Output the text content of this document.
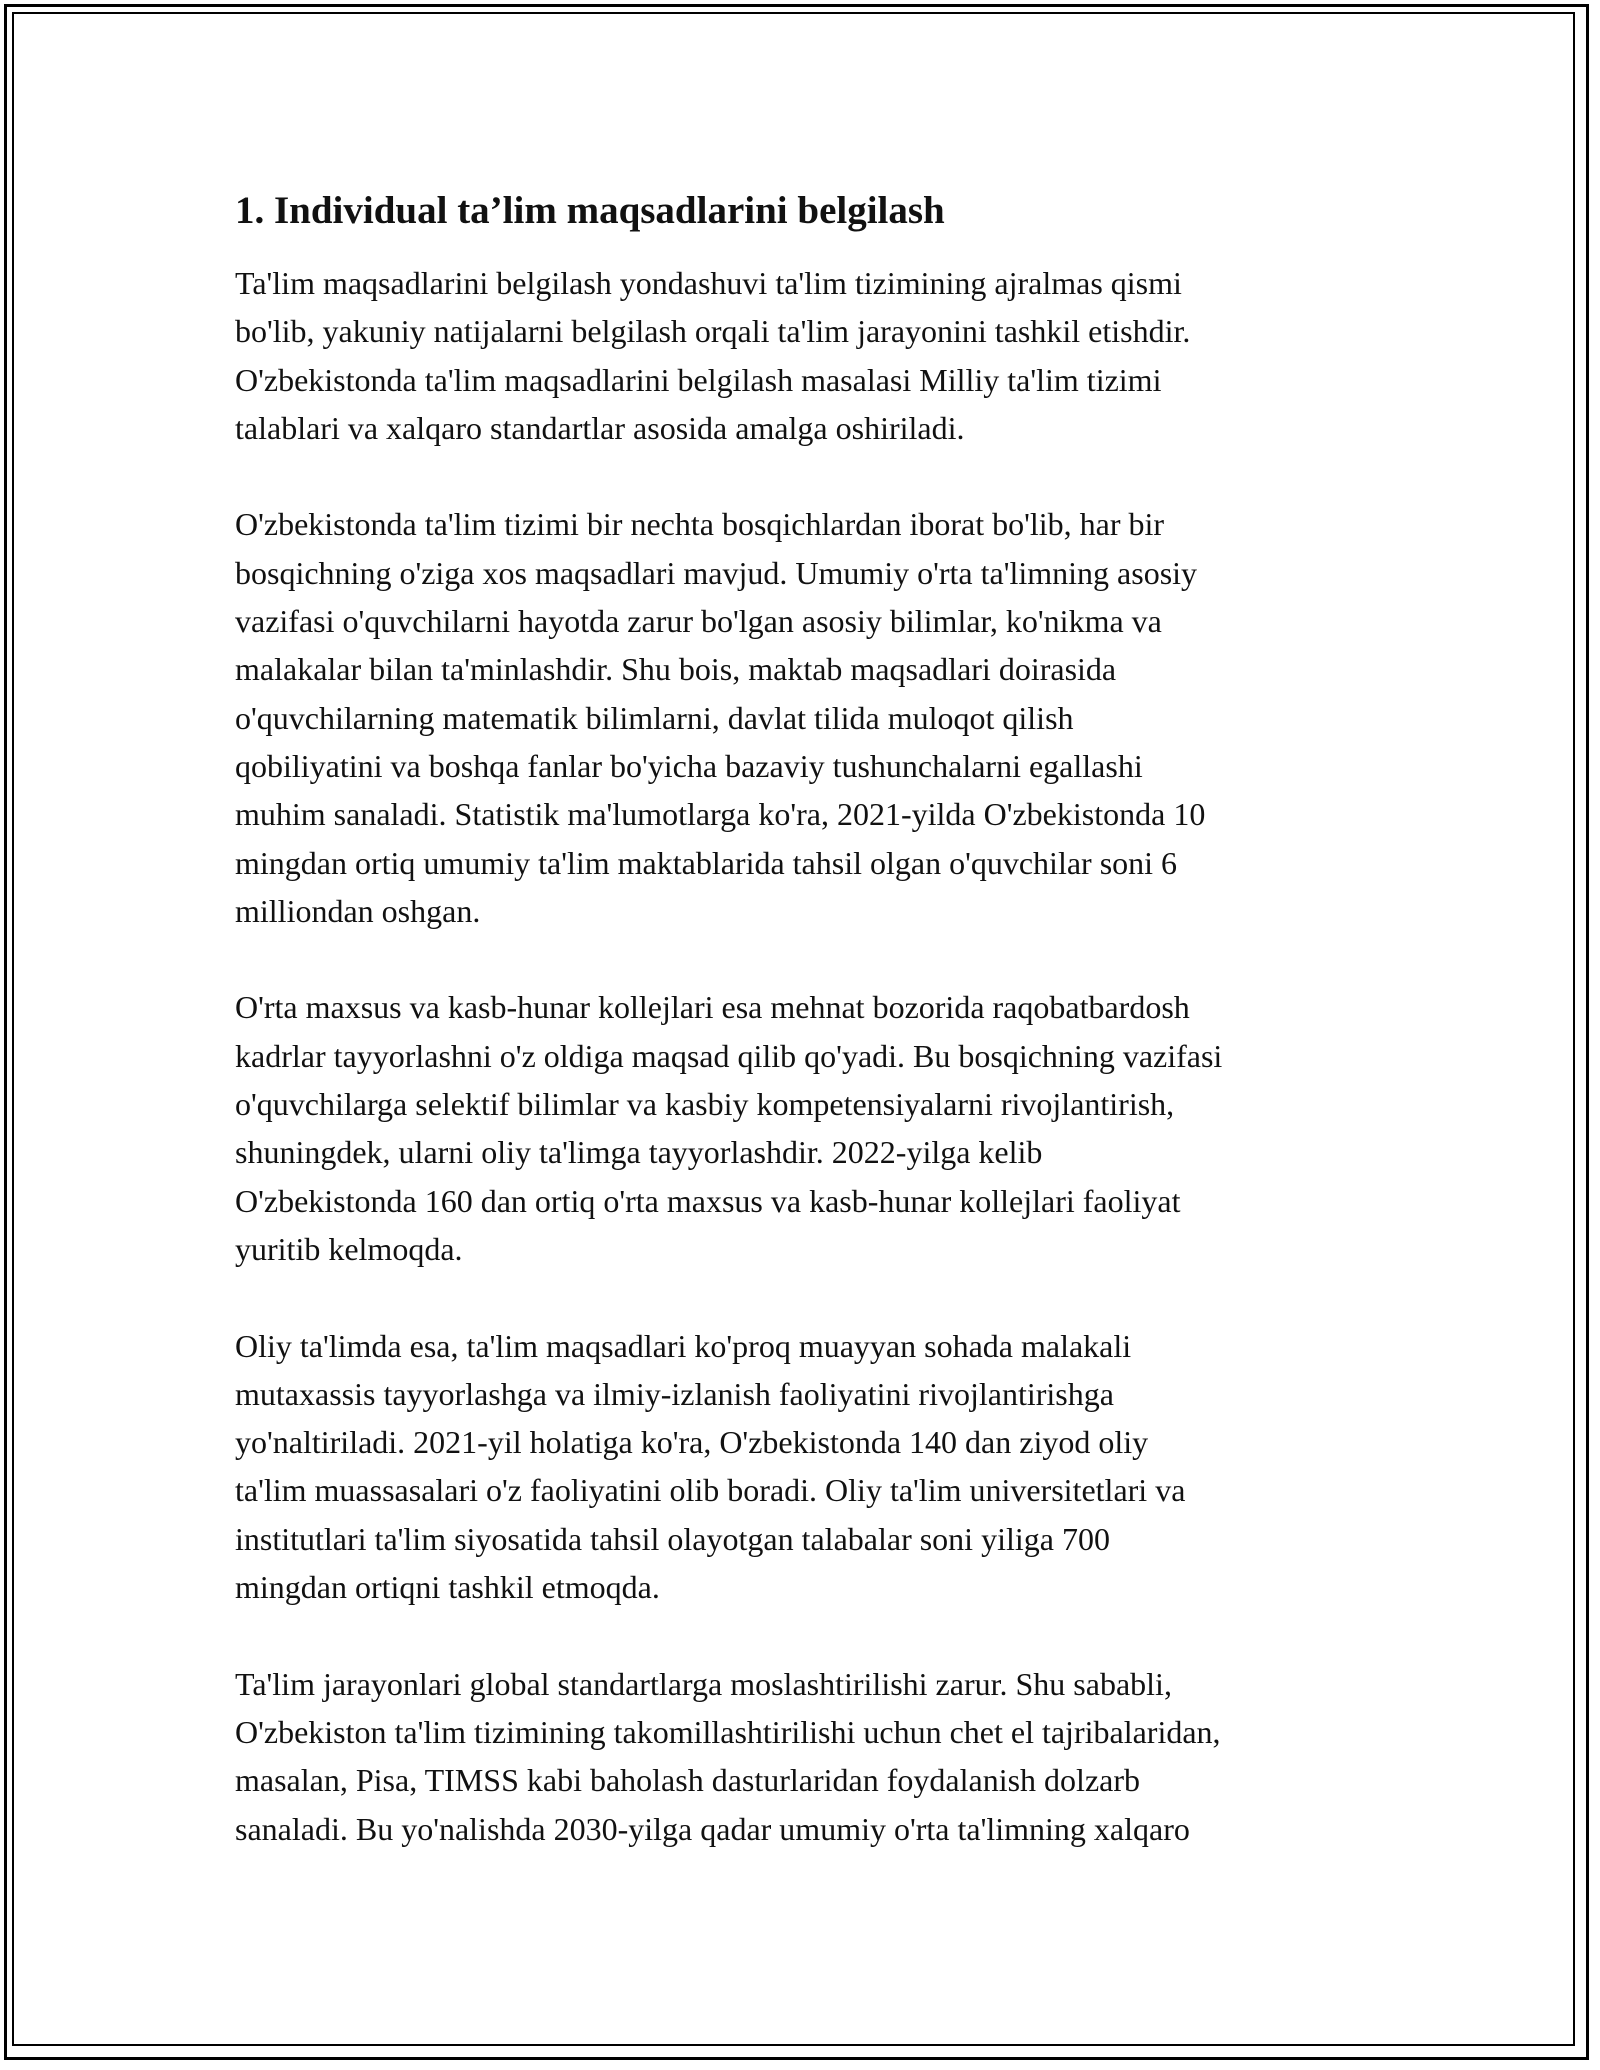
1. Individual ta’lim maqsadlarini belgilash

Ta'lim maqsadlarini belgilash yondashuvi ta'lim tizimining ajralmas qismi
bo'lib, yakuniy natijalarni belgilash orqali ta'lim jarayonini tashkil etishdir.
O'zbekistonda ta'lim maqsadlarini belgilash masalasi Milliy ta'lim tizimi
talablari va xalqaro standartlar asosida amalga oshiriladi.

O'zbekistonda ta'lim tizimi bir nechta bosqichlardan iborat bo'lib, har bir
bosqichning o'ziga xos maqsadlari mavjud. Umumiy o'rta ta'limning asosiy
vazifasi o'quvchilarni hayotda zarur bo'lgan asosiy bilimlar, ko'nikma va
malakalar bilan ta'minlashdir. Shu bois, maktab maqsadlari doirasida
o'quvchilarning matematik bilimlarni, davlat tilida muloqot qilish
qobiliyatini va boshqa fanlar bo'yicha bazaviy tushunchalarni egallashi
muhim sanaladi. Statistik ma'lumotlarga ko'ra, 2021-yilda O'zbekistonda 10
mingdan ortiq umumiy ta'lim maktablarida tahsil olgan o'quvchilar soni 6
milliondan oshgan.

O'rta maxsus va kasb-hunar kollejlari esa mehnat bozorida raqobatbardosh
kadrlar tayyorlashni o'z oldiga maqsad qilib qo'yadi. Bu bosqichning vazifasi
o'quvchilarga selektif bilimlar va kasbiy kompetensiyalarni rivojlantirish,
shuningdek, ularni oliy ta'limga tayyorlashdir. 2022-yilga kelib
O'zbekistonda 160 dan ortiq o'rta maxsus va kasb-hunar kollejlari faoliyat
yuritib kelmoqda.

Oliy ta'limda esa, ta'lim maqsadlari ko'proq muayyan sohada malakali
mutaxassis tayyorlashga va ilmiy-izlanish faoliyatini rivojlantirishga
yo'naltiriladi. 2021-yil holatiga ko'ra, O'zbekistonda 140 dan ziyod oliy
ta'lim muassasalari o'z faoliyatini olib boradi. Oliy ta'lim universitetlari va
institutlari ta'lim siyosatida tahsil olayotgan talabalar soni yiliga 700
mingdan ortiqni tashkil etmoqda.

Ta'lim jarayonlari global standartlarga moslashtirilishi zarur. Shu sababli,
O'zbekiston ta'lim tizimining takomillashtirilishi uchun chet el tajribalaridan,
masalan, Pisa, TIMSS kabi baholash dasturlaridan foydalanish dolzarb
sanaladi. Bu yo'nalishda 2030-yilga qadar umumiy o'rta ta'limning xalqaro
